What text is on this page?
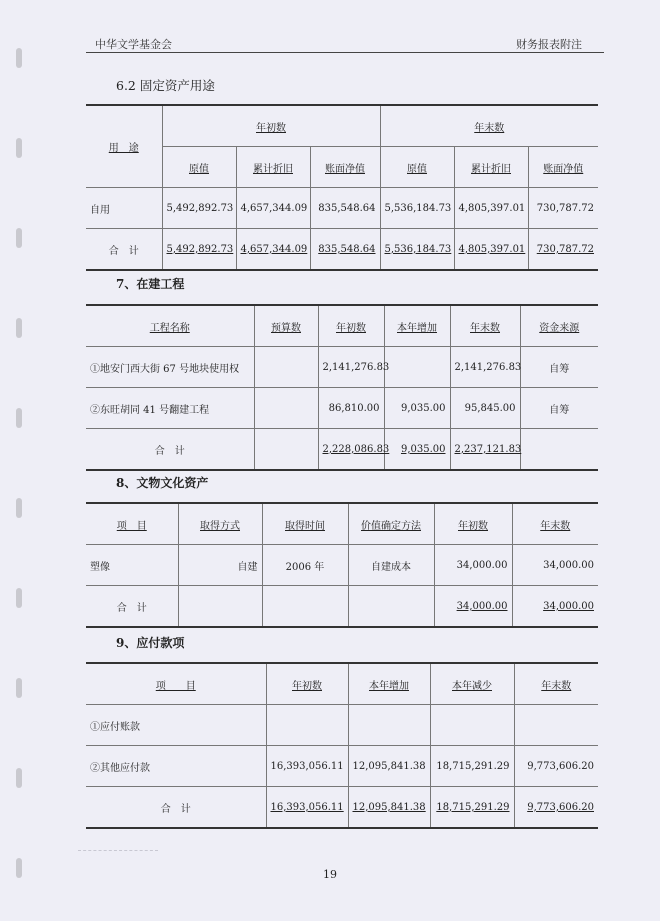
中华文学基金会	财务报表附注
6.2 固定资产用途
用　途	年初数			年末数		
	原值	累计折旧	账面净值	原值	累计折旧	账面净值
自用	5,492,892.73	4,657,344.09	835,548.64	5,536,184.73	4,805,397.01	730,787.72
合　计	5,492,892.73	4,657,344.09	835,548.64	5,536,184.73	4,805,397.01	730,787.72
7、在建工程
工程名称	预算数	年初数	本年增加	年末数	资金来源
①地安门西大街 67 号地块使用权		2,141,276.83		2,141,276.83	自筹
②东旺胡同 41 号翻建工程		86,810.00	9,035.00	95,845.00	自筹
合　计		2,228,086.83	9,035.00	2,237,121.83	
8、文物文化资产
项　目	取得方式	取得时间	价值确定方法	年初数	年末数
塑像	自建	2006 年	自建成本	34,000.00	34,000.00
合　计				34,000.00	34,000.00
9、应付款项
项　　目	年初数	本年增加	本年减少	年末数
①应付账款				
②其他应付款	16,393,056.11	12,095,841.38	18,715,291.29	9,773,606.20
合　计	16,393,056.11	12,095,841.38	18,715,291.29	9,773,606.20
19
